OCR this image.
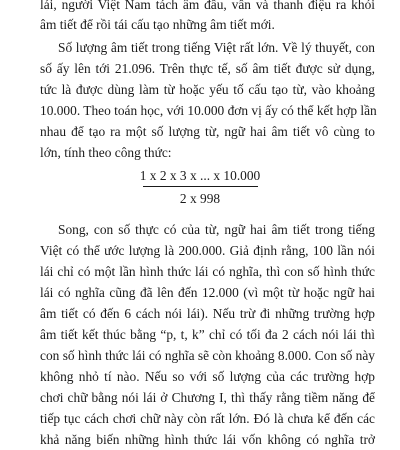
lái, người Việt Nam tách âm đầu, vần và thanh điệu ra khỏi
âm tiết để rồi tái cấu tạo những âm tiết mới.
Số lượng âm tiết trong tiếng Việt rất lớn. Về lý thuyết, con
số ấy lên tới 21.096. Trên thực tế, số âm tiết được sử dụng,
tức là được dùng làm từ hoặc yếu tố cấu tạo từ, vào khoảng
10.000. Theo toán học, với 10.000 đơn vị ấy có thể kết hợp lần
nhau để tạo ra một số lượng từ, ngữ hai âm tiết vô cùng to
lớn, tính theo công thức:
1 x 2 x 3 x ... x 10.000
2 x 998
Song, con số thực có của từ, ngữ hai âm tiết trong tiếng
Việt có thể ước lượng là 200.000. Giả định rằng, 100 lần nói
lái chỉ có một lần hình thức lái có nghĩa, thì con số hình thức
lái có nghĩa cũng đã lên đến 12.000 (vì một từ hoặc ngữ hai
âm tiết có đến 6 cách nói lái). Nếu trừ đi những trường hợp
âm tiết kết thúc bằng “p, t, k” chỉ có tối đa 2 cách nói lái thì
con số hình thức lái có nghĩa sẽ còn khoảng 8.000. Con số này
không nhỏ tí nào. Nếu so với số lượng của các trường hợp
chơi chữ bằng nói lái ở Chương I, thì thấy rằng tiềm năng để
tiếp tục cách chơi chữ này còn rất lớn. Đó là chưa kể đến các
khả năng biến những hình thức lái vốn không có nghĩa trở
